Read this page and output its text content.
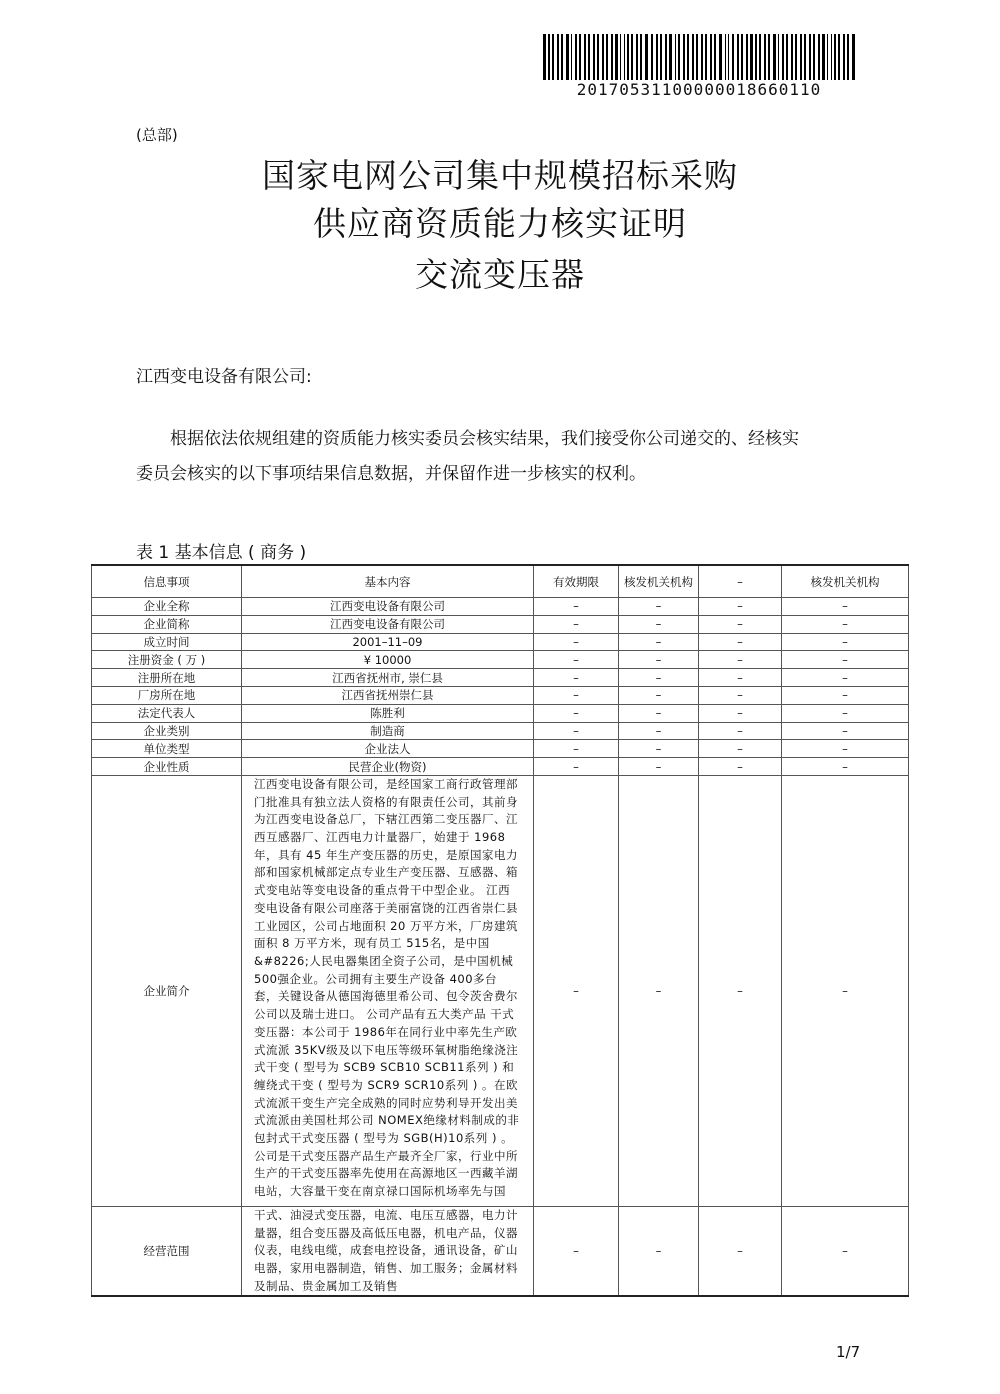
20170531100000018660110
(总部)
国家电网公司集中规模招标采购
供应商资质能力核实证明
交流变压器
江西变电设备有限公司:
根据依法依规组建的资质能力核实委员会核实结果，我们接受你公司递交的、经核实
委员会核实的以下事项结果信息数据，并保留作进一步核实的权利。
表 1 基本信息 ( 商务 )
信息事项	基本内容	有效期限	核发机关机构	–	核发机关机构
企业全称	江西变电设备有限公司	–	–	–	–
企业简称	江西变电设备有限公司	–	–	–	–
成立时间	2001–11–09	–	–	–	–
注册资金 ( 万 )	¥ 10000	–	–	–	–
注册所在地	江西省抚州市, 崇仁县	–	–	–	–
厂房所在地	江西省抚州崇仁县	–	–	–	–
法定代表人	陈胜利	–	–	–	–
企业类别	制造商	–	–	–	–
单位类型	企业法人	–	–	–	–
企业性质	民营企业(物资)	–	–	–	–
企业简介	江西变电设备有限公司，是经国家工商行政管理部门批准具有独立法人资格的有限责任公司，其前身为江西变电设备总厂，下辖江西第二变压器厂、江西互感器厂、江西电力计量器厂，始建于 1968年，具有 45 年生产变压器的历史，是原国家电力部和国家机械部定点专业生产变压器、互感器、箱式变电站等变电设备的重点骨干中型企业。 江西变电设备有限公司座落于美丽富饶的江西省崇仁县工业园区，公司占地面积 20 万平方米，厂房建筑面积 8 万平方米，现有员工 515名，是中国&#8226;人民电器集团全资子公司，是中国机械 500强企业。公司拥有主要生产设备 400多台套，关键设备从德国海德里希公司、包令茨舍费尔公司以及瑞士进口。 公司产品有五大类产品 干式变压器：本公司于 1986年在同行业中率先生产欧式流派 35KV级及以下电压等级环氧树脂绝缘浇注式干变 ( 型号为 SCB9 SCB10 SCB11系列 ) 和缠绕式干变 ( 型号为 SCR9 SCR10系列 ) 。在欧式流派干变生产完全成熟的同时应势利导开发出美式流派由美国杜邦公司 NOMEX绝缘材料制成的非包封式干式变压器 ( 型号为 SGB(H)10系列 ) 。公司是干式变压器产品生产最齐全厂家，行业中所生产的干式变压器率先使用在高源地区一西藏羊湖电站，大容量干变在南京禄口国际机场率先与国	–	–	–	–
经营范围	干式、油浸式变压器，电流、电压互感器，电力计量器，组合变压器及高低压电器，机电产品，仪器仪表，电线电缆，成套电控设备，通讯设备，矿山电器，家用电器制造，销售、加工服务；金属材料及制品、贵金属加工及销售	–	–	–	–
1/7
